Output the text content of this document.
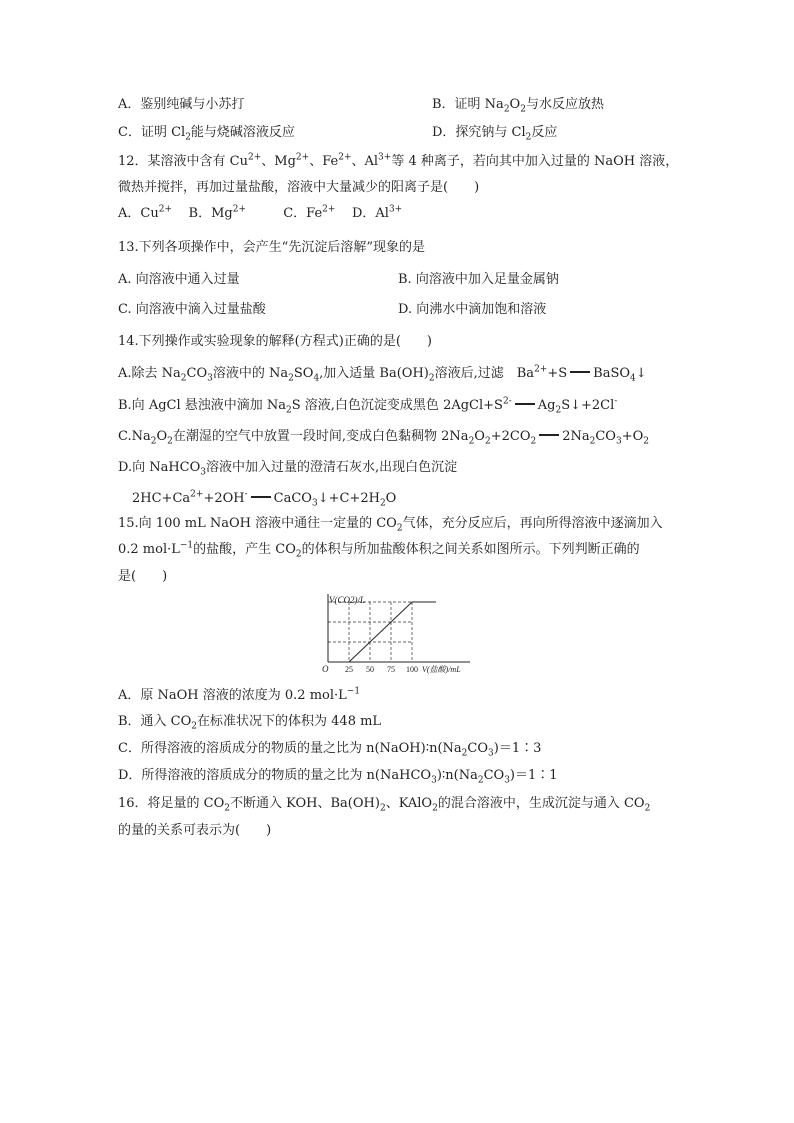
A．鉴别纯碱与小苏打	B．证明 $Na_2O_2$与水反应放热
C．证明 $Cl_2$能与烧碱溶液反应	D．探究钠与 $Cl_2$反应
12．某溶液中含有 $Cu^{2+}$、$Mg^{2+}$、$Fe^{2+}$、$Al^{3+}$等 4 种离子，若向其中加入过量的 NaOH 溶液，
微热并搅拌，再加过量盐酸，溶液中大量减少的阳离子是(　　)
A．$Cu^{2+}$ B．$Mg^{2+}$	C．$Fe^{2+}$ D．$Al^{3+}$
13.下列各项操作中，会产生“先沉淀后溶解”现象的是
A. 向溶液中通入过量	B. 向溶液中加入足量金属钠
C. 向溶液中滴入过量盐酸	D. 向沸水中滴加饱和溶液
14.下列操作或实验现象的解释(方程式)正确的是(　　)
A.除去 $Na_2CO_3$溶液中的 $Na_2SO_4$,加入适量 $Ba(OH)_2$溶液后,过滤　$Ba^{2+}+S$ BaSO$_4$↓
B.向 AgCl 悬浊液中滴加 $Na_2S$ 溶液,白色沉淀变成黑色 $2AgCl+S^{2-}$ $Ag_2S↓+2Cl^-$
$C.Na_2O_2$在潮湿的空气中放置一段时间,变成白色黏稠物 $2Na_2O_2+2CO_2$ $2Na_2CO_3+O_2$
D.向 NaHCO$_3$溶液中加入过量的澄清石灰水,出现白色沉淀
$2HC+Ca^{2+}+2OH^-$ $CaCO_3↓+C+2H_2O$
15.向 100 mL NaOH 溶液中通往一定量的 $CO_2$气体，充分反应后，再向所得溶液中逐滴加入
0.2 $mol\cdot L^{-1}$的盐酸，产生 $CO_2$的体积与所加盐酸体积之间关系如图所示。下列判断正确的
是(　　)
V(CO2)/L
O 25 50 75 100 V(盐酸)/mL
A．原 NaOH 溶液的浓度为 0.2 $mol\cdot L^{-1}$
B．通入 $CO_2$在标准状况下的体积为 448 mL
C．所得溶液的溶质成分的物质的量之比为 $n(NaOH)∶n(Na_2CO_3)=1∶3$
D．所得溶液的溶质成分的物质的量之比为 $n(NaHCO_3)∶n(Na_2CO_3)=1∶1$
16．将足量的 $CO_2$不断通入 KOH、$Ba(OH)_2$、KAlO$_2$的混合溶液中，生成沉淀与通入 $CO_2$
的量的关系可表示为(　　)
